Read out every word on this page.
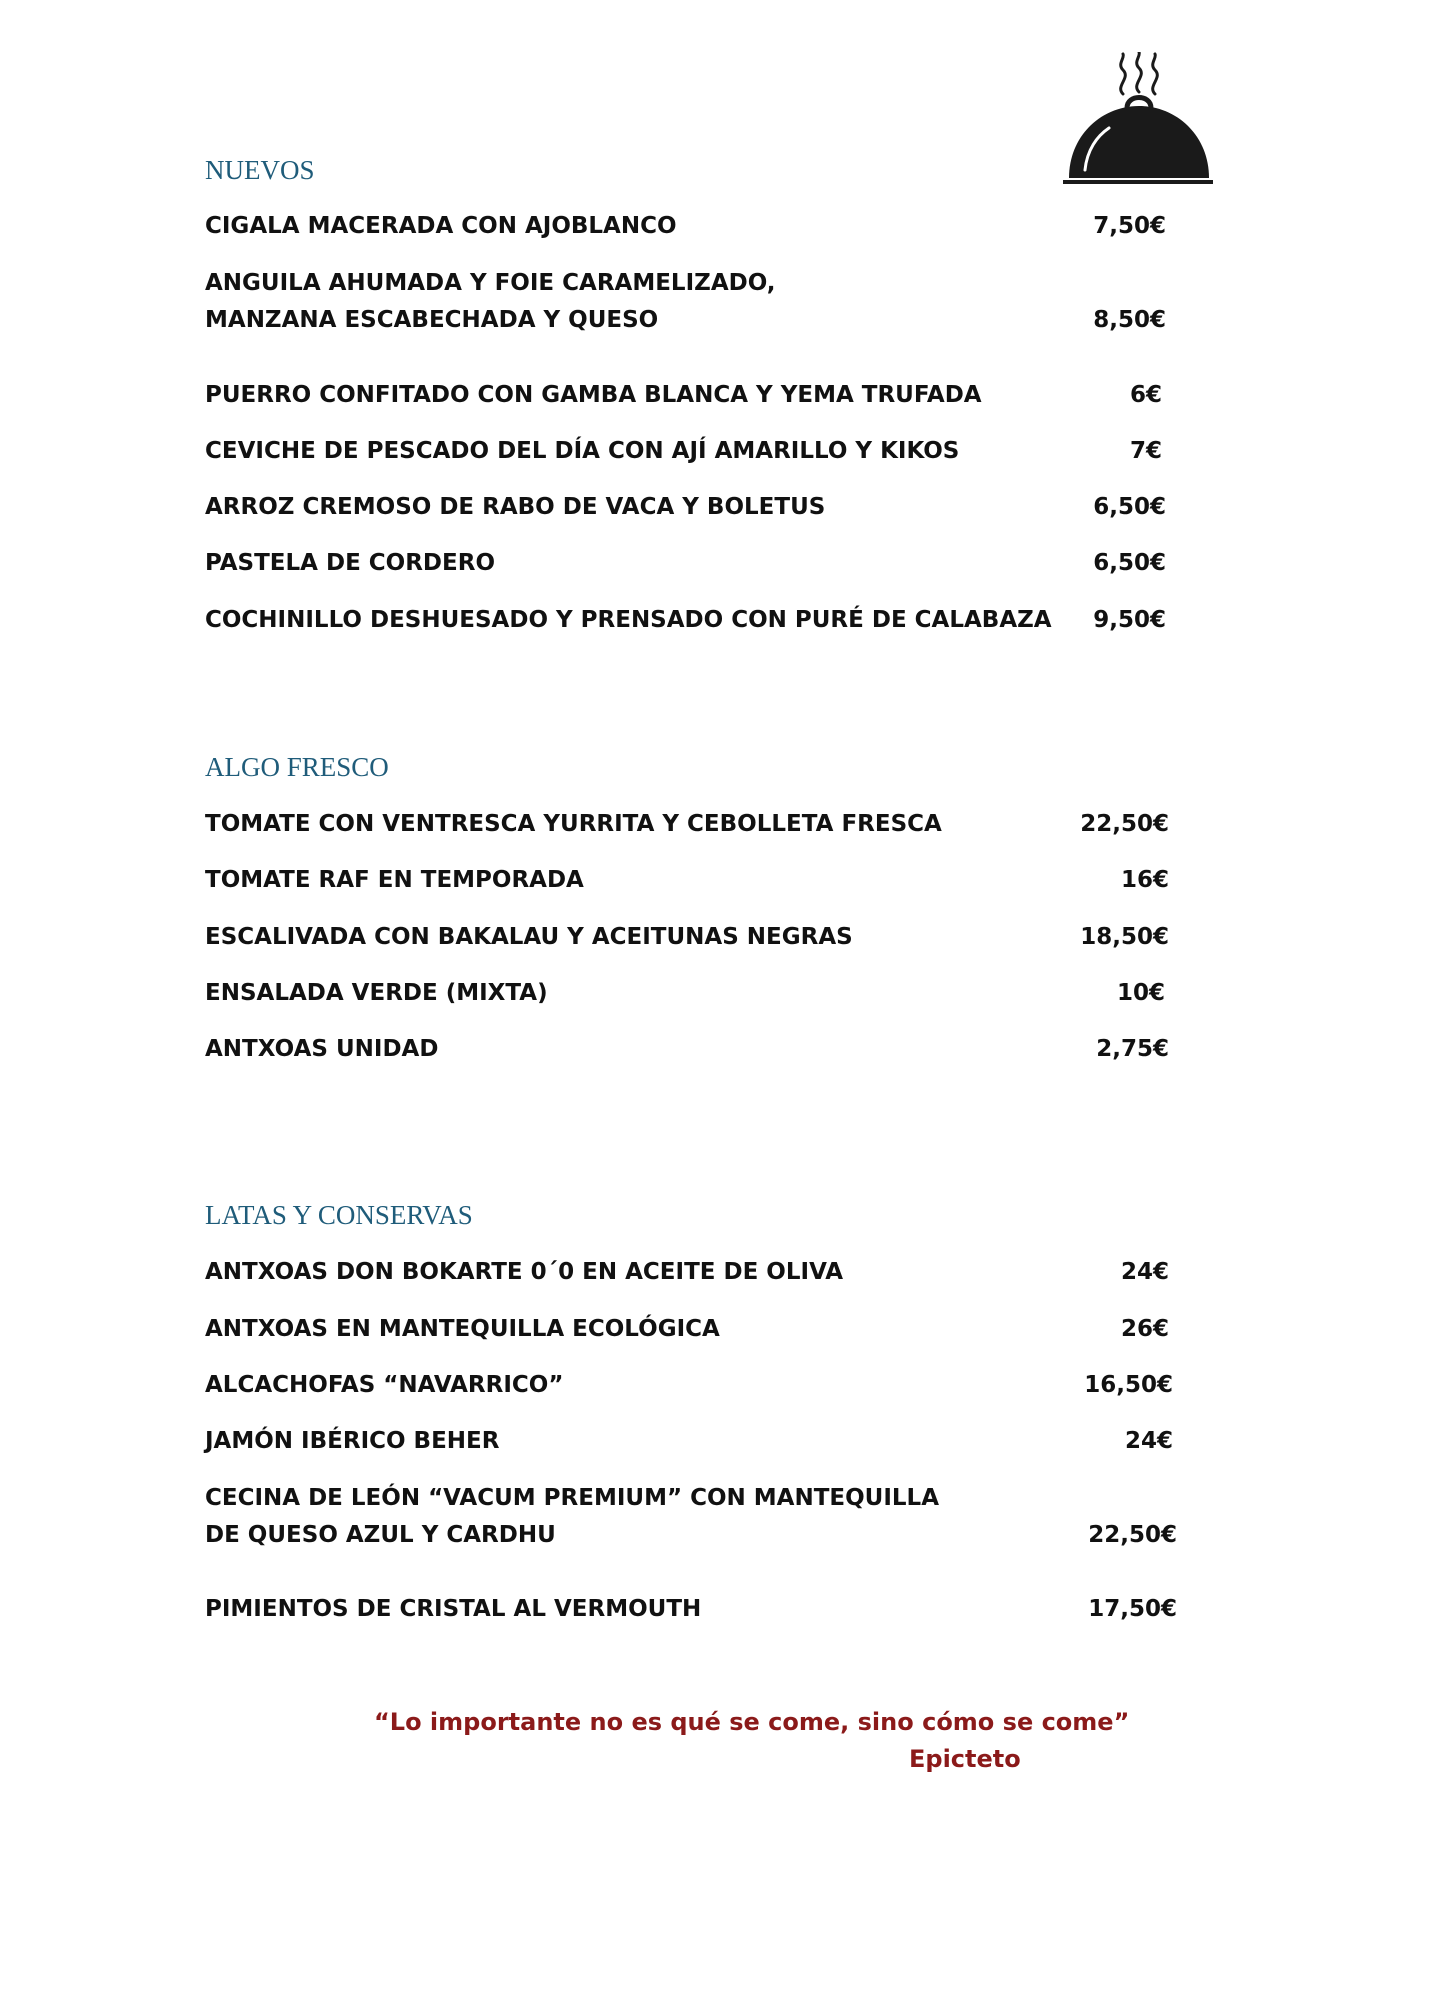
NUEVOS
CIGALA MACERADA CON AJOBLANCO	7,50€
ANGUILA AHUMADA Y FOIE CARAMELIZADO,
MANZANA ESCABECHADA Y QUESO	8,50€
PUERRO CONFITADO CON GAMBA BLANCA Y YEMA TRUFADA	6€
CEVICHE DE PESCADO DEL DÍA CON AJÍ AMARILLO Y KIKOS	7€
ARROZ CREMOSO DE RABO DE VACA Y BOLETUS	6,50€
PASTELA DE CORDERO	6,50€
COCHINILLO DESHUESADO Y PRENSADO CON PURÉ DE CALABAZA	9,50€
ALGO FRESCO
TOMATE CON VENTRESCA YURRITA Y CEBOLLETA FRESCA	22,50€
TOMATE RAF EN TEMPORADA	16€
ESCALIVADA CON BAKALAU Y ACEITUNAS NEGRAS	18,50€
ENSALADA VERDE (MIXTA)	10€
ANTXOAS UNIDAD	2,75€
LATAS Y CONSERVAS
ANTXOAS DON BOKARTE 0´0 EN ACEITE DE OLIVA	24€
ANTXOAS EN MANTEQUILLA ECOLÓGICA	26€
ALCACHOFAS “NAVARRICO”	16,50€
JAMÓN IBÉRICO BEHER	24€
CECINA DE LEÓN “VACUM PREMIUM” CON MANTEQUILLA
DE QUESO AZUL Y CARDHU	22,50€
PIMIENTOS DE CRISTAL AL VERMOUTH	17,50€
“Lo importante no es qué se come, sino cómo se come”
Epicteto
